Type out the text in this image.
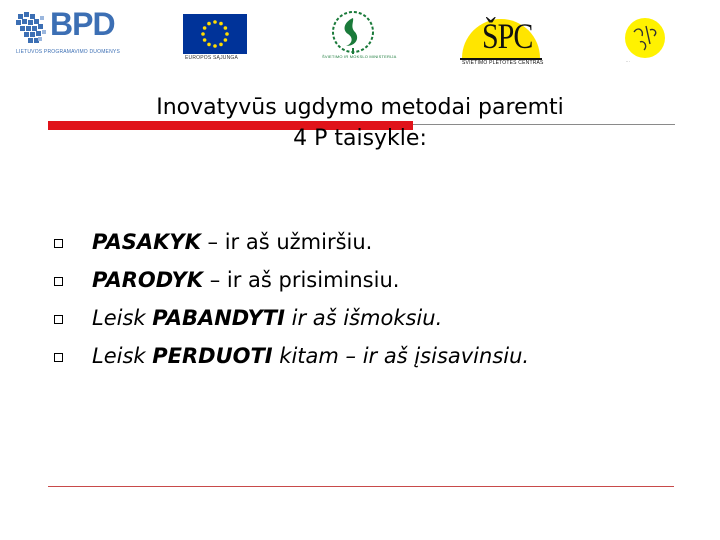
BPD
LIETUVOS PROGRAMAVIMO DUOMENYS
EUROPOS SĄJUNGA	ŠVIETIMO IR MOKSLO MINISTERIJA
ŠPC
ŠVIETIMO PLĖTOTĖS CENTRAS	...
Inovatyvūs ugdymo metodai paremti
4 P taisykle:
PASAKYK – ir aš užmiršiu.
PARODYK – ir aš prisiminsiu.
Leisk PABANDYTI ir aš išmoksiu.
Leisk PERDUOTI kitam – ir aš įsisavinsiu.
